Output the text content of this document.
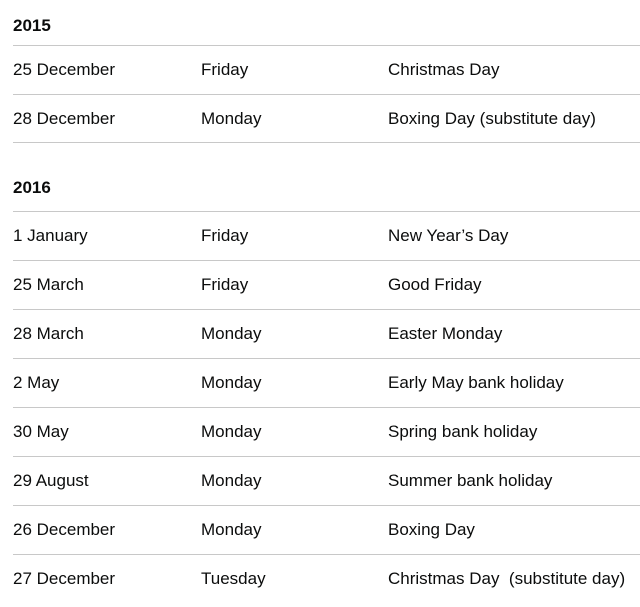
2015
25 December	Friday	Christmas Day
28 December	Monday	Boxing Day (substitute day)
2016
1 January	Friday	New Year’s Day
25 March	Friday	Good Friday
28 March	Monday	Easter Monday
2 May	Monday	Early May bank holiday
30 May	Monday	Spring bank holiday
29 August	Monday	Summer bank holiday
26 December	Monday	Boxing Day
27 December	Tuesday	Christmas Day  (substitute day)
